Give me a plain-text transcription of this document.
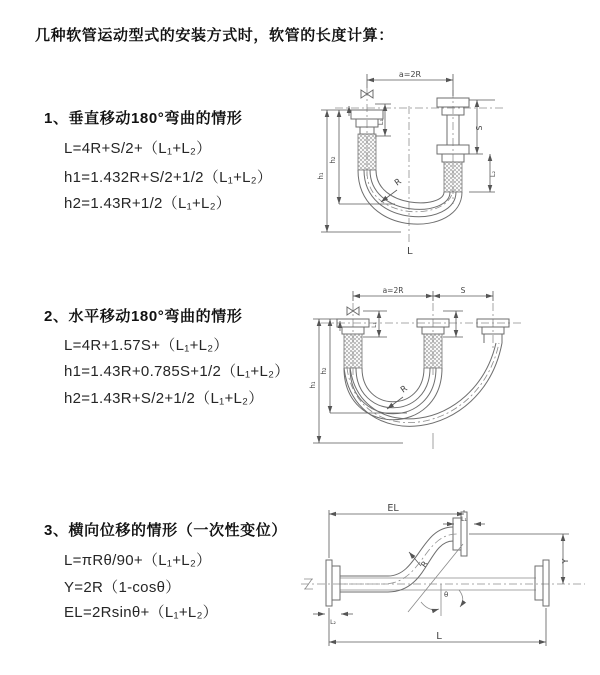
几种软管运动型式的安装方式时，软管的长度计算：
1、垂直移动180°弯曲的情形
L=4R+S/2+（L₁+L₂）
h1=1.432R+S/2+1/2（L₁+L₂）
h2=1.43R+1/2（L₁+L₂）
2、水平移动180°弯曲的情形
L=4R+1.57S+（L₁+L₂）
h1=1.43R+0.785S+1/2（L₁+L₂）
h2=1.43R+S/2+1/2（L₁+L₂）
3、横向位移的情形（一次性变位）
L=πRθ/90+（L₁+L₂）
Y=2R（1-cosθ）
EL=2Rsinθ+（L₁+L₂）
a=2R
L₁
S
L₂
h₁
h₂
R
L
a=2R	S
L₁
h₁
h₂
R
EL
L₁
Y
L
L₂
R
θ
